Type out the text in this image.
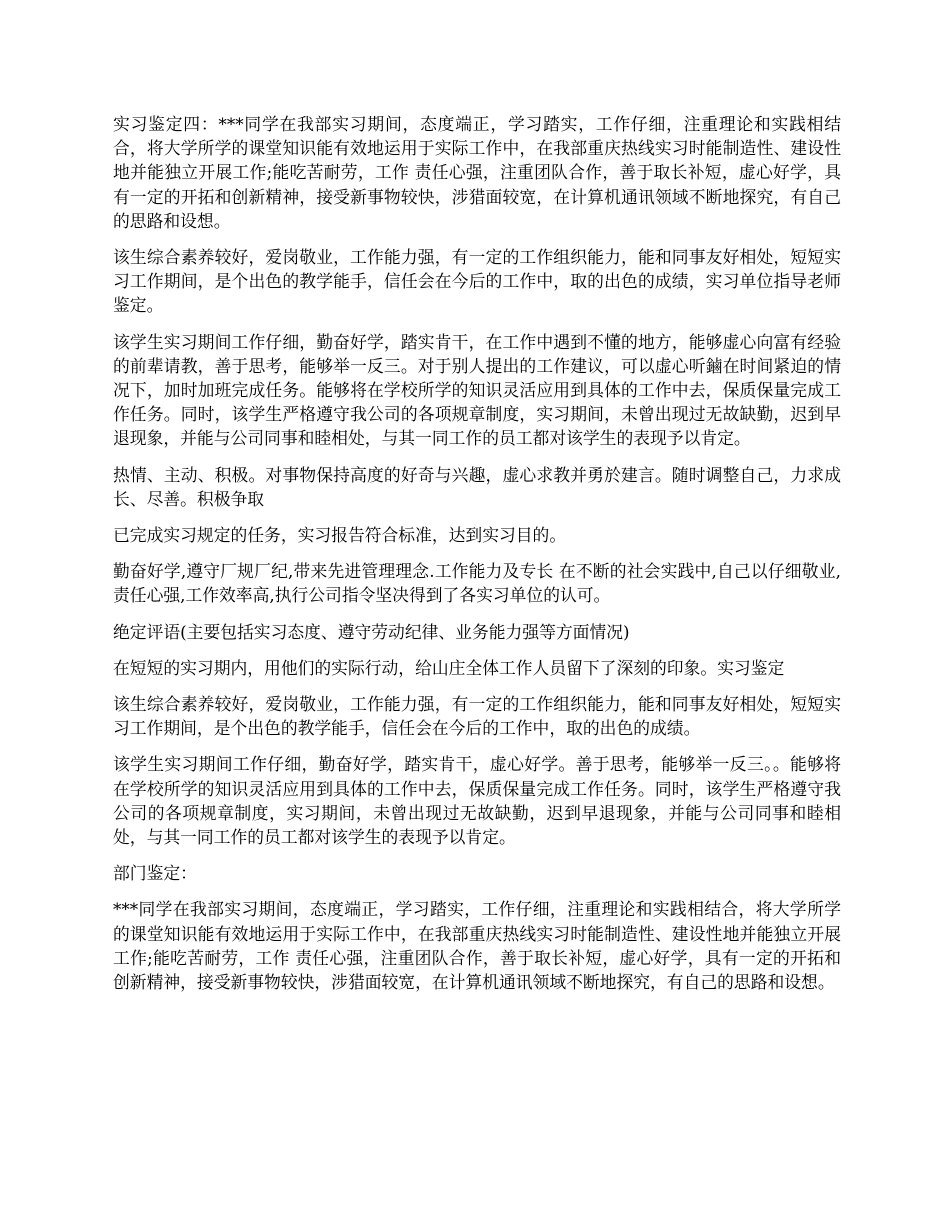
实习鉴定四：***同学在我部实习期间，态度端正，学习踏实，工作仔细，注重理论和实践相结合，将大学所学的课堂知识能有效地运用于实际工作中，在我部重庆热线实习时能制造性、建设性地并能独立开展工作;能吃苦耐劳，工作 责任心强，注重团队合作，善于取长补短，虚心好学，具有一定的开拓和创新精神，接受新事物较快，涉猎面较宽，在计算机通讯领域不断地探究，有自己的思路和设想。

该生综合素养较好，爱岗敬业，工作能力强，有一定的工作组织能力，能和同事友好相处，短短实习工作期间，是个出色的教学能手，信任会在今后的工作中，取的出色的成绩，实习单位指导老师鉴定。

该学生实习期间工作仔细，勤奋好学，踏实肯干，在工作中遇到不懂的地方，能够虚心向富有经验的前辈请教，善于思考，能够举一反三。对于别人提出的工作建议，可以虚心听鏀在时间紧迫的情况下，加时加班完成任务。能够将在学校所学的知识灵活应用到具体的工作中去，保质保量完成工作任务。同时，该学生严格遵守我公司的各项规章制度，实习期间，未曾出现过无故缺勤，迟到早退现象，并能与公司同事和睦相处，与其一同工作的员工都对该学生的表现予以肯定。

热情、主动、积极。对事物保持高度的好奇与兴趣，虚心求教并勇於建言。随时调整自己，力求成长、尽善。积极争取

已完成实习规定的任务，实习报告符合标准，达到实习目的。

勤奋好学,遵守厂规厂纪,带来先进管理理念.工作能力及专长 在不断的社会实践中,自己以仔细敬业,责任心强,工作效率高,执行公司指令坚决得到了各实习单位的认可。

绝定评语(主要包括实习态度、遵守劳动纪律、业务能力强等方面情况)

在短短的实习期内，用他们的实际行动，给山庄全体工作人员留下了深刻的印象。实习鉴定

该生综合素养较好，爱岗敬业，工作能力强，有一定的工作组织能力，能和同事友好相处，短短实习工作期间，是个出色的教学能手，信任会在今后的工作中，取的出色的成绩。

该学生实习期间工作仔细，勤奋好学，踏实肯干，虚心好学。善于思考，能够举一反三。。能够将在学校所学的知识灵活应用到具体的工作中去，保质保量完成工作任务。同时，该学生严格遵守我公司的各项规章制度，实习期间，未曾出现过无故缺勤，迟到早退现象，并能与公司同事和睦相处，与其一同工作的员工都对该学生的表现予以肯定。

部门鉴定：

***同学在我部实习期间，态度端正，学习踏实，工作仔细，注重理论和实践相结合，将大学所学的课堂知识能有效地运用于实际工作中，在我部重庆热线实习时能制造性、建设性地并能独立开展工作;能吃苦耐劳，工作 责任心强，注重团队合作，善于取长补短，虚心好学，具有一定的开拓和创新精神，接受新事物较快，涉猎面较宽，在计算机通讯领域不断地探究，有自己的思路和设想。
